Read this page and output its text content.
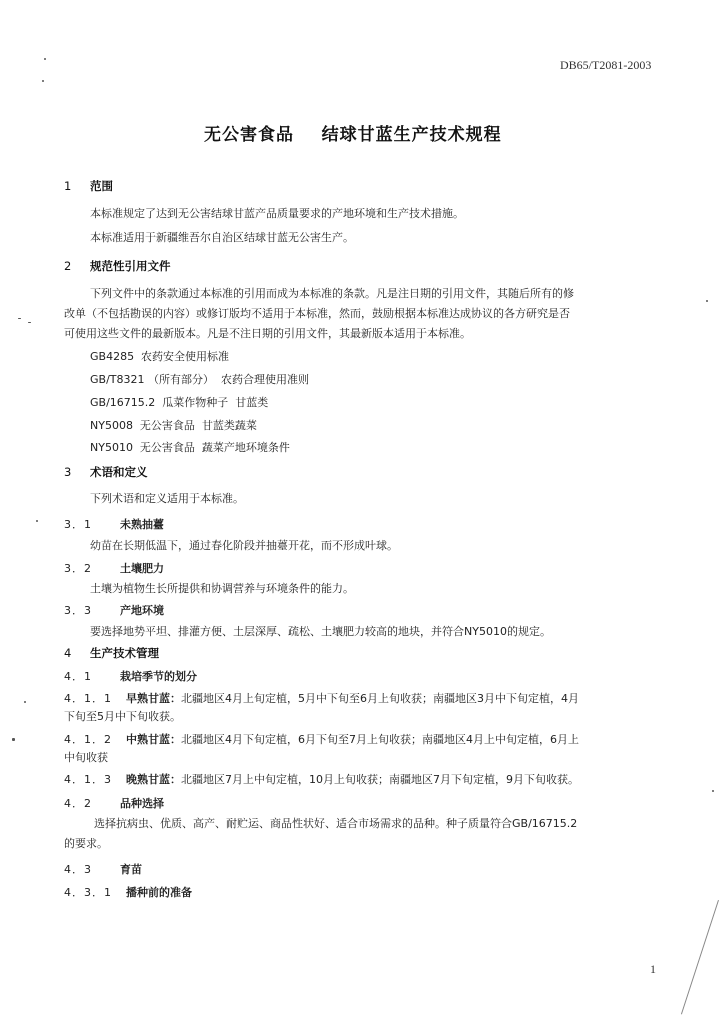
DB65/T2081-2003
无公害食品    结球甘蓝生产技术规程
1 范围
本标准规定了达到无公害结球甘蓝产品质量要求的产地环境和生产技术措施。
本标准适用于新疆维吾尔自治区结球甘蓝无公害生产。
2 规范性引用文件
下列文件中的条款通过本标准的引用而成为本标准的条款。凡是注日期的引用文件，其随后所有的修
改单（不包括勘误的内容）或修订版均不适用于本标准，然而，鼓励根据本标准达成协议的各方研究是否
可使用这些文件的最新版本。凡是不注日期的引用文件，其最新版本适用于本标准。
GB4285  农药安全使用标准
GB/T8321 （所有部分）  农药合理使用准则
GB/16715.2  瓜菜作物种子  甘蓝类
NY5008  无公害食品  甘蓝类蔬菜
NY5010  无公害食品  蔬菜产地环境条件
3 术语和定义
下列术语和定义适用于本标准。
3．1	未熟抽薹
幼苗在长期低温下，通过春化阶段并抽薹开花，而不形成叶球。
3．2	土壤肥力
土壤为植物生长所提供和协调营养与环境条件的能力。
3．3	产地环境
要选择地势平坦、排灌方便、土层深厚、疏松、土壤肥力较高的地块，并符合NY5010的规定。
4 生产技术管理
4．1	栽培季节的划分
4．1．1 早熟甘蓝：北疆地区4月上旬定植，5月中下旬至6月上旬收获；南疆地区3月中下旬定植，4月
下旬至5月中下旬收获。
4．1．2 中熟甘蓝：北疆地区4月下旬定植，6月下旬至7月上旬收获；南疆地区4月上中旬定植，6月上
中旬收获
4．1．3 晚熟甘蓝：北疆地区7月上中旬定植，10月上旬收获；南疆地区7月下旬定植，9月下旬收获。
4．2	品种选择
选择抗病虫、优质、高产、耐贮运、商品性状好、适合市场需求的品种。种子质量符合GB/16715.2
的要求。
4．3	育苗
4．3．1 播种前的准备
1
